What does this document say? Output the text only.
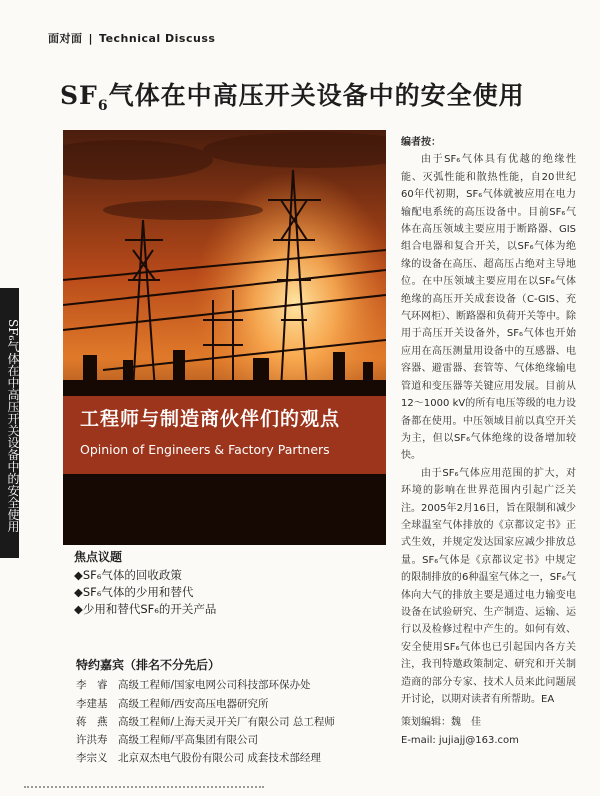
面对面 | Technical Discuss
SF₆气体在中高压开关设备中的安全使用
$SF_6$气体在中高压开关设备中的安全使用
工程师与制造商伙伴们的观点
Opinion of Engineers & Factory Partners
焦点议题
◆SF₆气体的回收政策
◆SF₆气体的少用和替代
◆少用和替代SF₆的开关产品
特约嘉宾（排名不分先后）
李　睿 高级工程师/国家电网公司科技部环保办处
李建基 高级工程师/西安高压电器研究所
蒋　燕 高级工程师/上海天灵开关厂有限公司 总工程师
许洪寿 高级工程师/平高集团有限公司
李宗义 北京双杰电气股份有限公司 成套技术部经理

编者按：

由于SF₆气体具有优越的绝缘性能、灭弧性能和散热性能，自20世纪60年代初期，SF₆气体就被应用在电力输配电系统的高压设备中。目前SF₆气体在高压领域主要应用于断路器、GIS组合电器和复合开关，以SF₆气体为绝缘的设备在高压、超高压占绝对主导地位。在中压领域主要应用在以SF₆气体绝缘的高压开关成套设备（C-GIS、充气环网柜）、断路器和负荷开关等中。除用于高压开关设备外，SF₆气体也开始应用在高压测量用设备中的互感器、电容器、避雷器、套管等、气体绝缘输电管道和变压器等关键应用发展。目前从12～1000 kV的所有电压等级的电力设备都在使用。中压领域目前以真空开关为主，但以SF₆气体绝缘的设备增加较快。

由于SF₆气体应用范围的扩大，对环境的影响在世界范围内引起广泛关注。2005年2月16日，旨在限制和减少全球温室气体排放的《京都议定书》正式生效，并规定发达国家应减少排放总量。SF₆气体是《京都议定书》中规定的限制排放的6种温室气体之一，SF₆气体向大气的排放主要是通过电力输变电设备在试验研究、生产制造、运输、运行以及检修过程中产生的。如何有效、安全使用SF₆气体也已引起国内各方关注，我刊特邀政策制定、研究和开关制造商的部分专家、技术人员来此问题展开讨论，以期对读者有所帮助。EA

策划编辑：魏　佳

E-mail: jujiajj@163.com
